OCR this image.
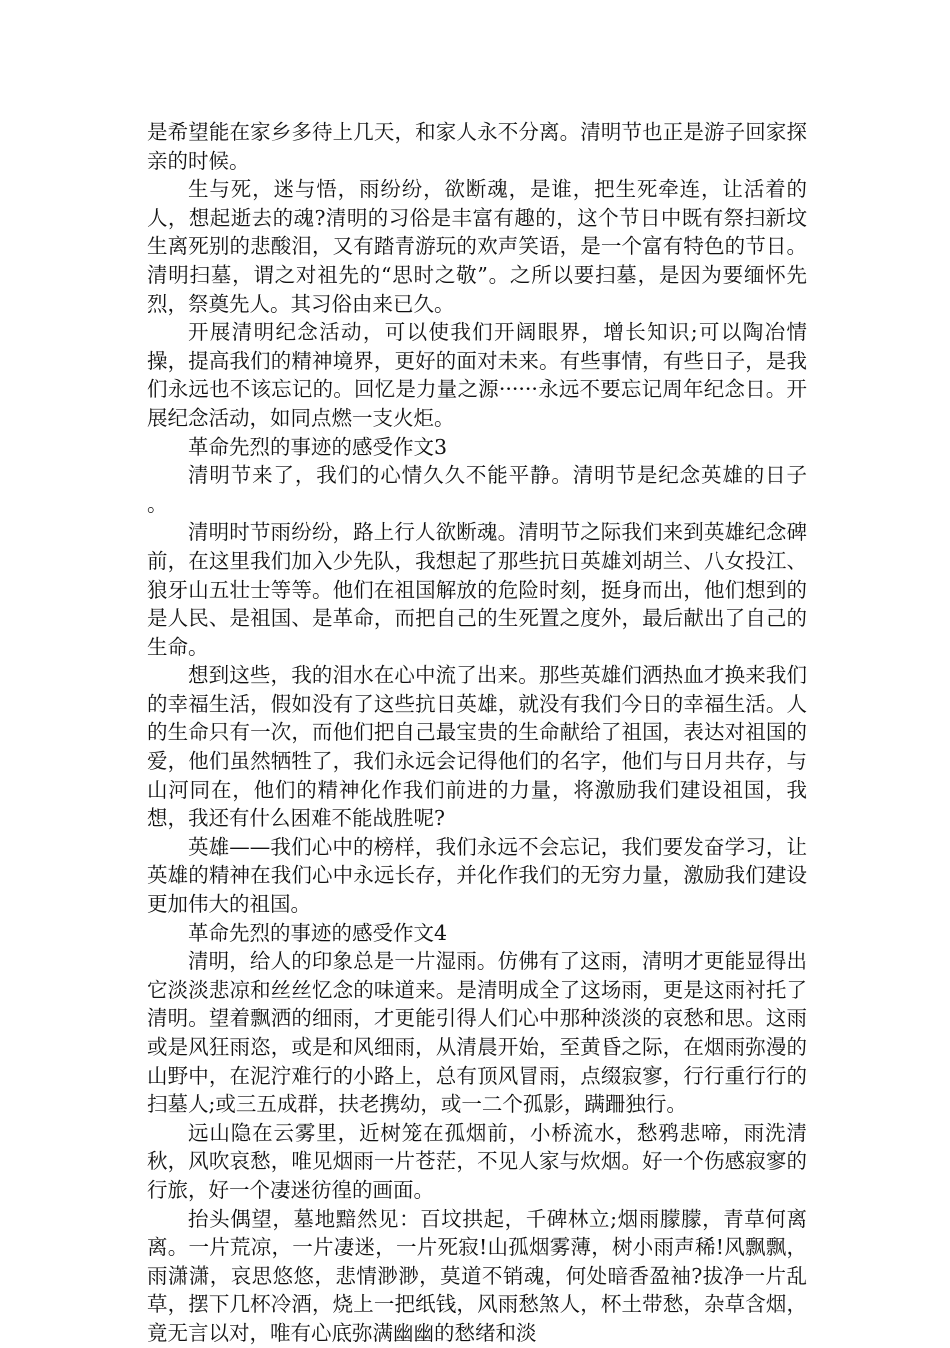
是希望能在家乡多待上几天，和家人永不分离。清明节也正是游子回家探亲的时候。

生与死，迷与悟，雨纷纷，欲断魂，是谁，把生死牵连，让活着的人，想起逝去的魂?清明的习俗是丰富有趣的，这个节日中既有祭扫新坟生离死别的悲酸泪，又有踏青游玩的欢声笑语，是一个富有特色的节日。清明扫墓，谓之对祖先的“思时之敬”。之所以要扫墓，是因为要缅怀先烈，祭奠先人。其习俗由来已久。

开展清明纪念活动，可以使我们开阔眼界，增长知识;可以陶冶情操，提高我们的精神境界，更好的面对未来。有些事情，有些日子，是我们永远也不该忘记的。回忆是力量之源······永远不要忘记周年纪念日。开展纪念活动，如同点燃一支火炬。

革命先烈的事迹的感受作文3

清明节来了，我们的心情久久不能平静。清明节是纪念英雄的日子 。

清明时节雨纷纷，路上行人欲断魂。清明节之际我们来到英雄纪念碑前，在这里我们加入少先队，我想起了那些抗日英雄刘胡兰、八女投江、狼牙山五壮士等等。他们在祖国解放的危险时刻，挺身而出，他们想到的是人民、是祖国、是革命，而把自己的生死置之度外，最后献出了自己的生命。

想到这些，我的泪水在心中流了出来。那些英雄们洒热血才换来我们的幸福生活，假如没有了这些抗日英雄，就没有我们今日的幸福生活。人的生命只有一次，而他们把自己最宝贵的生命献给了祖国，表达对祖国的爱，他们虽然牺牲了，我们永远会记得他们的名字，他们与日月共存，与山河同在，他们的精神化作我们前进的力量，将激励我们建设祖国，我想，我还有什么困难不能战胜呢?

英雄——我们心中的榜样，我们永远不会忘记，我们要发奋学习，让英雄的精神在我们心中永远长存，并化作我们的无穷力量，激励我们建设更加伟大的祖国。

革命先烈的事迹的感受作文4

清明，给人的印象总是一片湿雨。仿佛有了这雨，清明才更能显得出它淡淡悲凉和丝丝忆念的味道来。是清明成全了这场雨，更是这雨衬托了清明。望着飘洒的细雨，才更能引得人们心中那种淡淡的哀愁和思。这雨或是风狂雨恣，或是和风细雨，从清晨开始，至黄昏之际，在烟雨弥漫的山野中，在泥泞难行的小路上，总有顶风冒雨，点缀寂寥，行行重行行的扫墓人;或三五成群，扶老携幼，或一二个孤影，蹒跚独行。

远山隐在云雾里，近树笼在孤烟前，小桥流水，愁鸦悲啼，雨洗清秋，风吹哀愁，唯见烟雨一片苍茫，不见人家与炊烟。好一个伤感寂寥的行旅，好一个凄迷彷徨的画面。

抬头偶望，墓地黯然见：百坟拱起，千碑林立;烟雨朦朦，青草何离离。一片荒凉，一片凄迷，一片死寂!山孤烟雾薄，树小雨声稀!风飘飘，雨潇潇，哀思悠悠，悲情渺渺，莫道不销魂，何处暗香盈袖?拔净一片乱草，摆下几杯冷酒，烧上一把纸钱，风雨愁煞人，杯土带愁，杂草含烟，竟无言以对，唯有心底弥满幽幽的愁绪和淡
